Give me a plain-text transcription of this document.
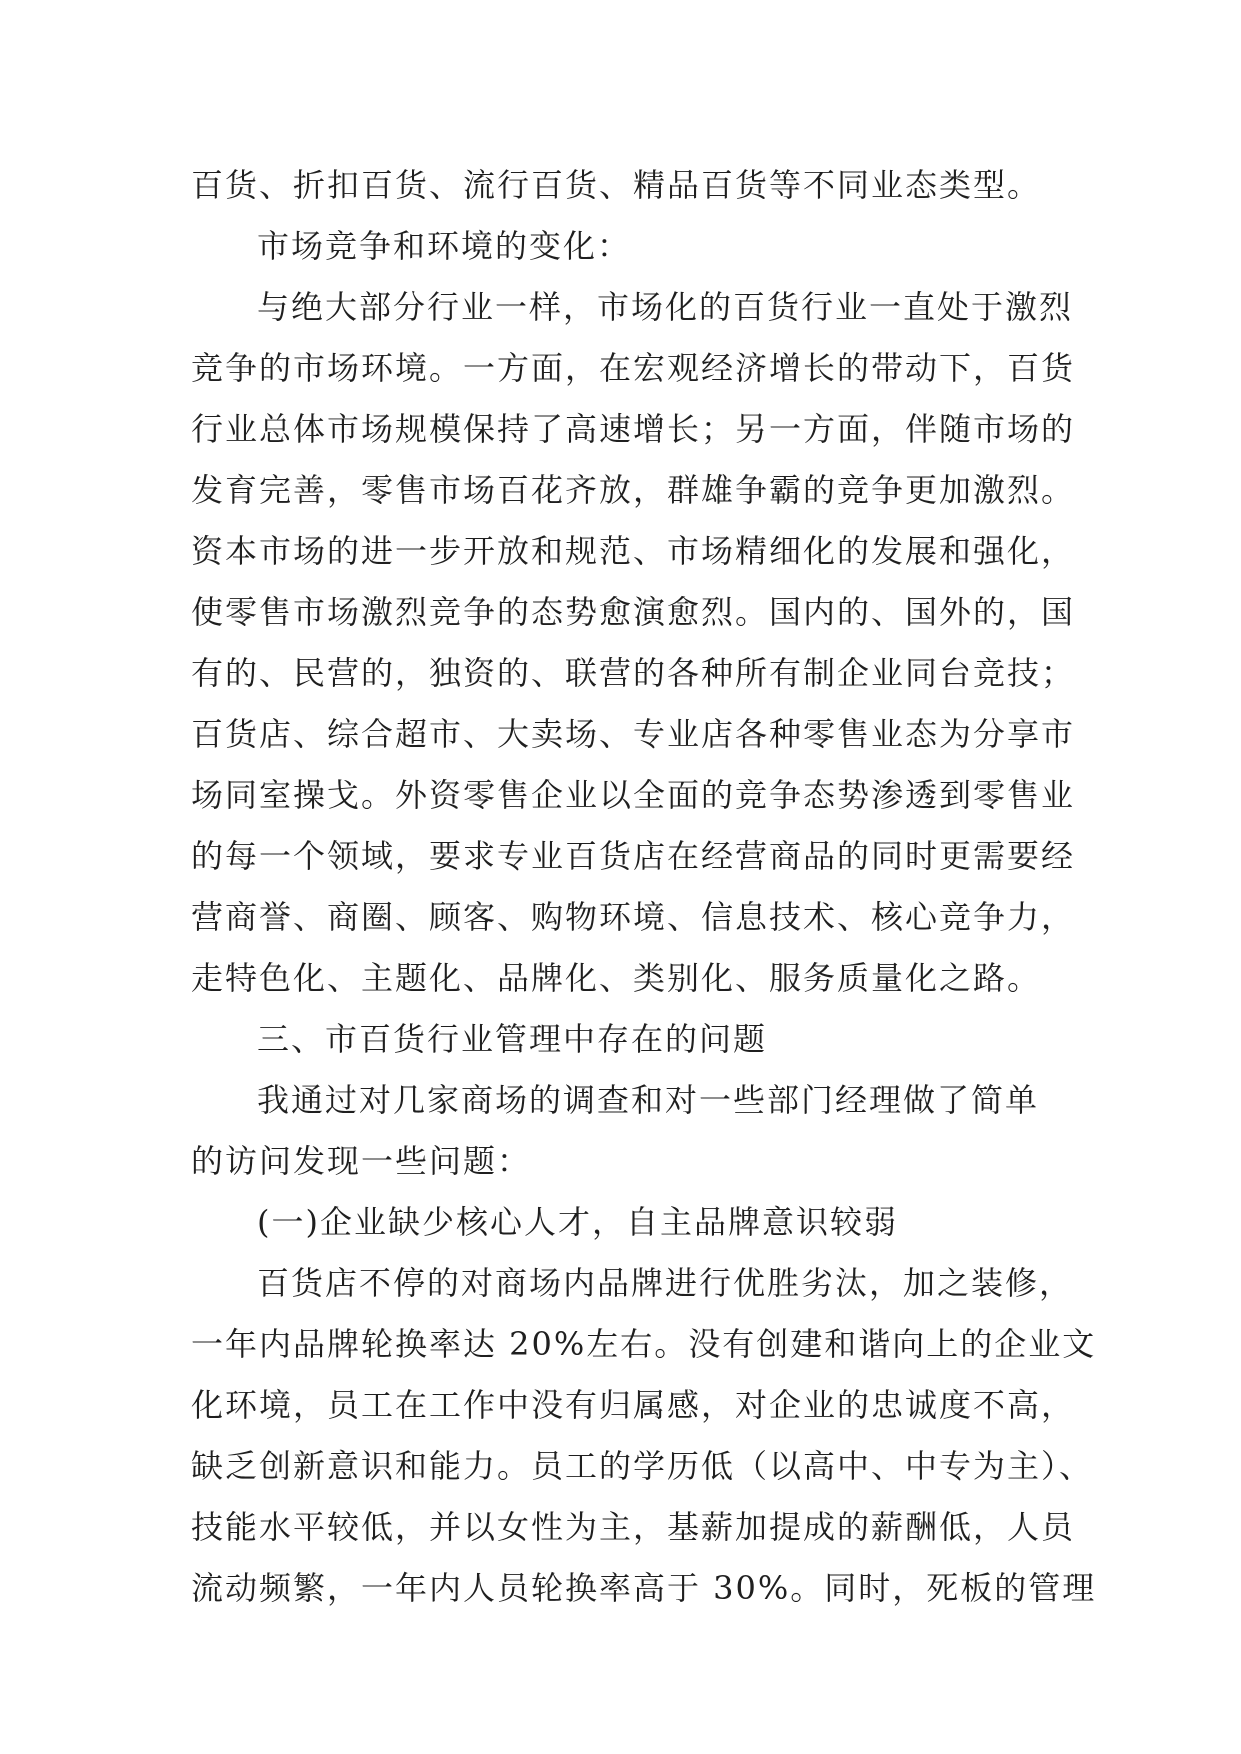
百货、折扣百货、流行百货、精品百货等不同业态类型。
市场竞争和环境的变化：
与绝大部分行业一样，市场化的百货行业一直处于激烈
竞争的市场环境。一方面，在宏观经济增长的带动下，百货
行业总体市场规模保持了高速增长；另一方面，伴随市场的
发育完善，零售市场百花齐放，群雄争霸的竞争更加激烈。
资本市场的进一步开放和规范、市场精细化的发展和强化，
使零售市场激烈竞争的态势愈演愈烈。国内的、国外的，国
有的、民营的，独资的、联营的各种所有制企业同台竞技；
百货店、综合超市、大卖场、专业店各种零售业态为分享市
场同室操戈。外资零售企业以全面的竞争态势渗透到零售业
的每一个领域，要求专业百货店在经营商品的同时更需要经
营商誉、商圈、顾客、购物环境、信息技术、核心竞争力，
走特色化、主题化、品牌化、类别化、服务质量化之路。
三、市百货行业管理中存在的问题
我通过对几家商场的调查和对一些部门经理做了简单
的访问发现一些问题：
(一)企业缺少核心人才，自主品牌意识较弱
百货店不停的对商场内品牌进行优胜劣汰，加之装修，
一年内品牌轮换率达 20%左右。没有创建和谐向上的企业文
化环境，员工在工作中没有归属感，对企业的忠诚度不高，
缺乏创新意识和能力。员工的学历低（以高中、中专为主）、
技能水平较低，并以女性为主，基薪加提成的薪酬低，人员
流动频繁，一年内人员轮换率高于 30%。同时，死板的管理
